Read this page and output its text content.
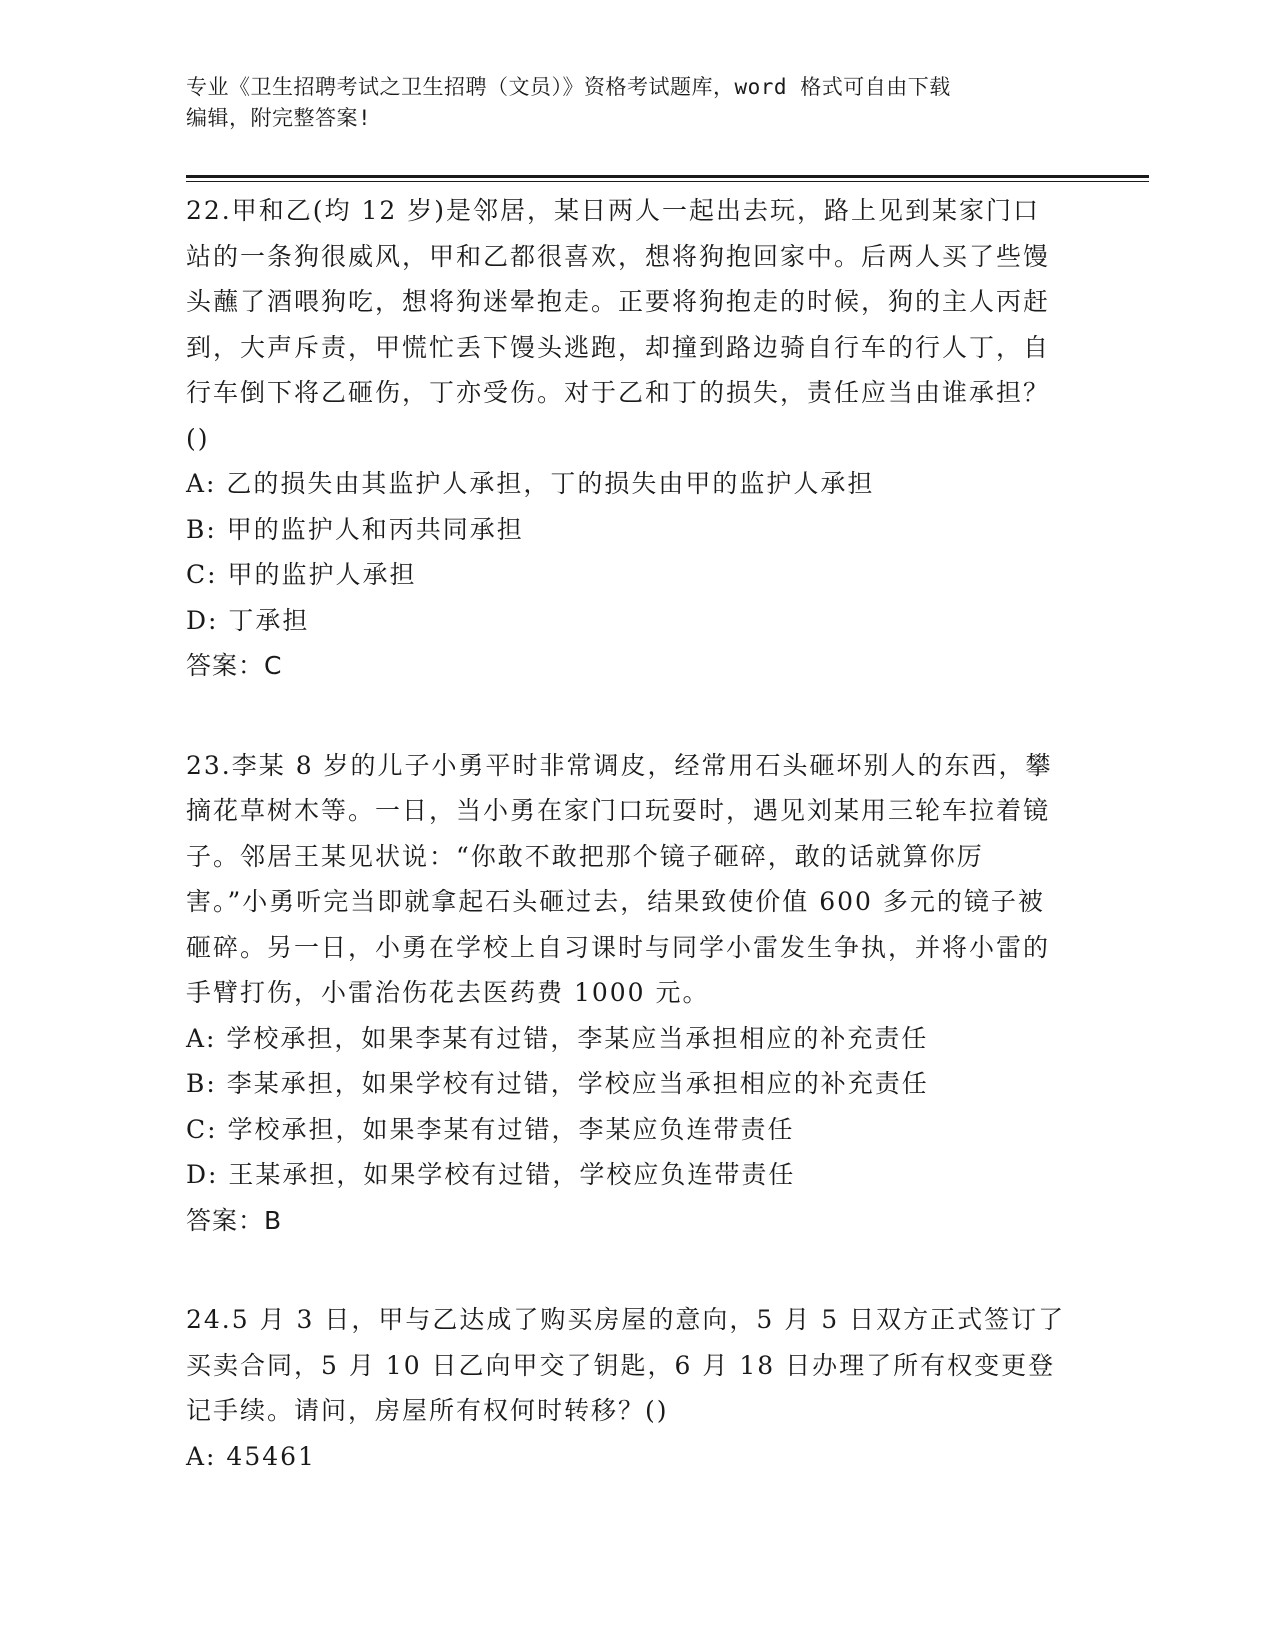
专业《卫生招聘考试之卫生招聘（文员）》资格考试题库，word 格式可自由下载
编辑，附完整答案!
22.甲和乙(均 12 岁)是邻居，某日两人一起出去玩，路上见到某家门口站的一条狗很威风，甲和乙都很喜欢，想将狗抱回家中。后两人买了些馒头蘸了酒喂狗吃，想将狗迷晕抱走。正要将狗抱走的时候，狗的主人丙赶到，大声斥责，甲慌忙丢下馒头逃跑，却撞到路边骑自行车的行人丁，自行车倒下将乙砸伤，丁亦受伤。对于乙和丁的损失，责任应当由谁承担？()
A: 乙的损失由其监护人承担，丁的损失由甲的监护人承担
B: 甲的监护人和丙共同承担
C: 甲的监护人承担
D: 丁承担
答案：C
23.李某 8 岁的儿子小勇平时非常调皮，经常用石头砸坏别人的东西，攀摘花草树木等。一日，当小勇在家门口玩耍时，遇见刘某用三轮车拉着镜子。邻居王某见状说：“你敢不敢把那个镜子砸碎，敢的话就算你厉害。”小勇听完当即就拿起石头砸过去，结果致使价值 600 多元的镜子被砸碎。另一日，小勇在学校上自习课时与同学小雷发生争执，并将小雷的手臂打伤，小雷治伤花去医药费 1000 元。
A: 学校承担，如果李某有过错，李某应当承担相应的补充责任
B: 李某承担，如果学校有过错，学校应当承担相应的补充责任
C: 学校承担，如果李某有过错，李某应负连带责任
D: 王某承担，如果学校有过错，学校应负连带责任
答案：B
24.5 月 3 日，甲与乙达成了购买房屋的意向，5 月 5 日双方正式签订了买卖合同，5 月 10 日乙向甲交了钥匙，6 月 18 日办理了所有权变更登记手续。请问，房屋所有权何时转移？()
A: 45461
